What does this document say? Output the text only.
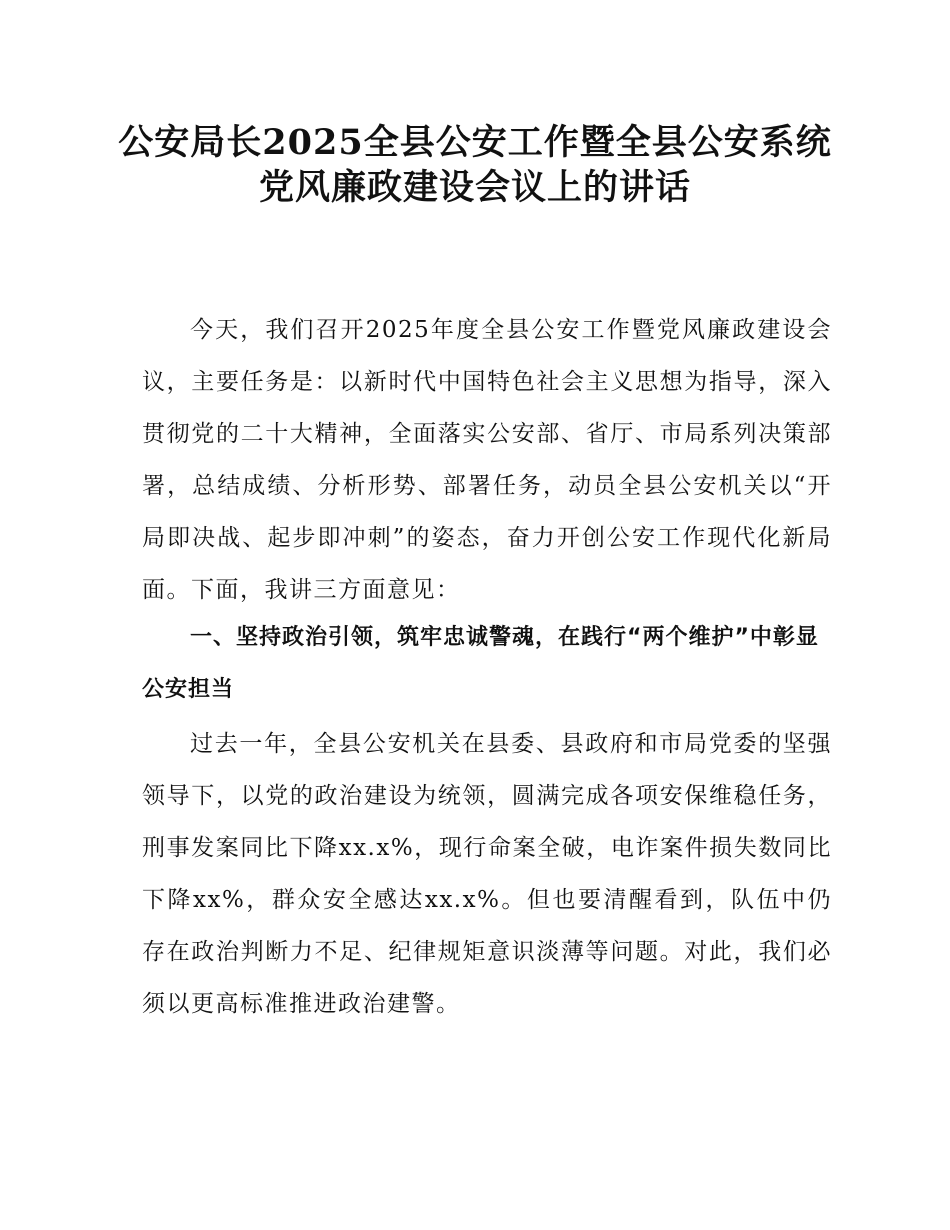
公安局长2025全县公安工作暨全县公安系统
党风廉政建设会议上的讲话

今天，我们召开2025年度全县公安工作暨党风廉政建设会议，主要任务是：以新时代中国特色社会主义思想为指导，深入贯彻党的二十大精神，全面落实公安部、省厅、市局系列决策部署，总结成绩、分析形势、部署任务，动员全县公安机关以“开局即决战、起步即冲刺”的姿态，奋力开创公安工作现代化新局面。下面，我讲三方面意见：

一、坚持政治引领，筑牢忠诚警魂，在践行“两个维护”中彰显公安担当

过去一年，全县公安机关在县委、县政府和市局党委的坚强领导下，以党的政治建设为统领，圆满完成各项安保维稳任务，刑事发案同比下降xx.x%，现行命案全破，电诈案件损失数同比下降xx%，群众安全感达xx.x%。但也要清醒看到，队伍中仍存在政治判断力不足、纪律规矩意识淡薄等问题。对此，我们必须以更高标准推进政治建警。
